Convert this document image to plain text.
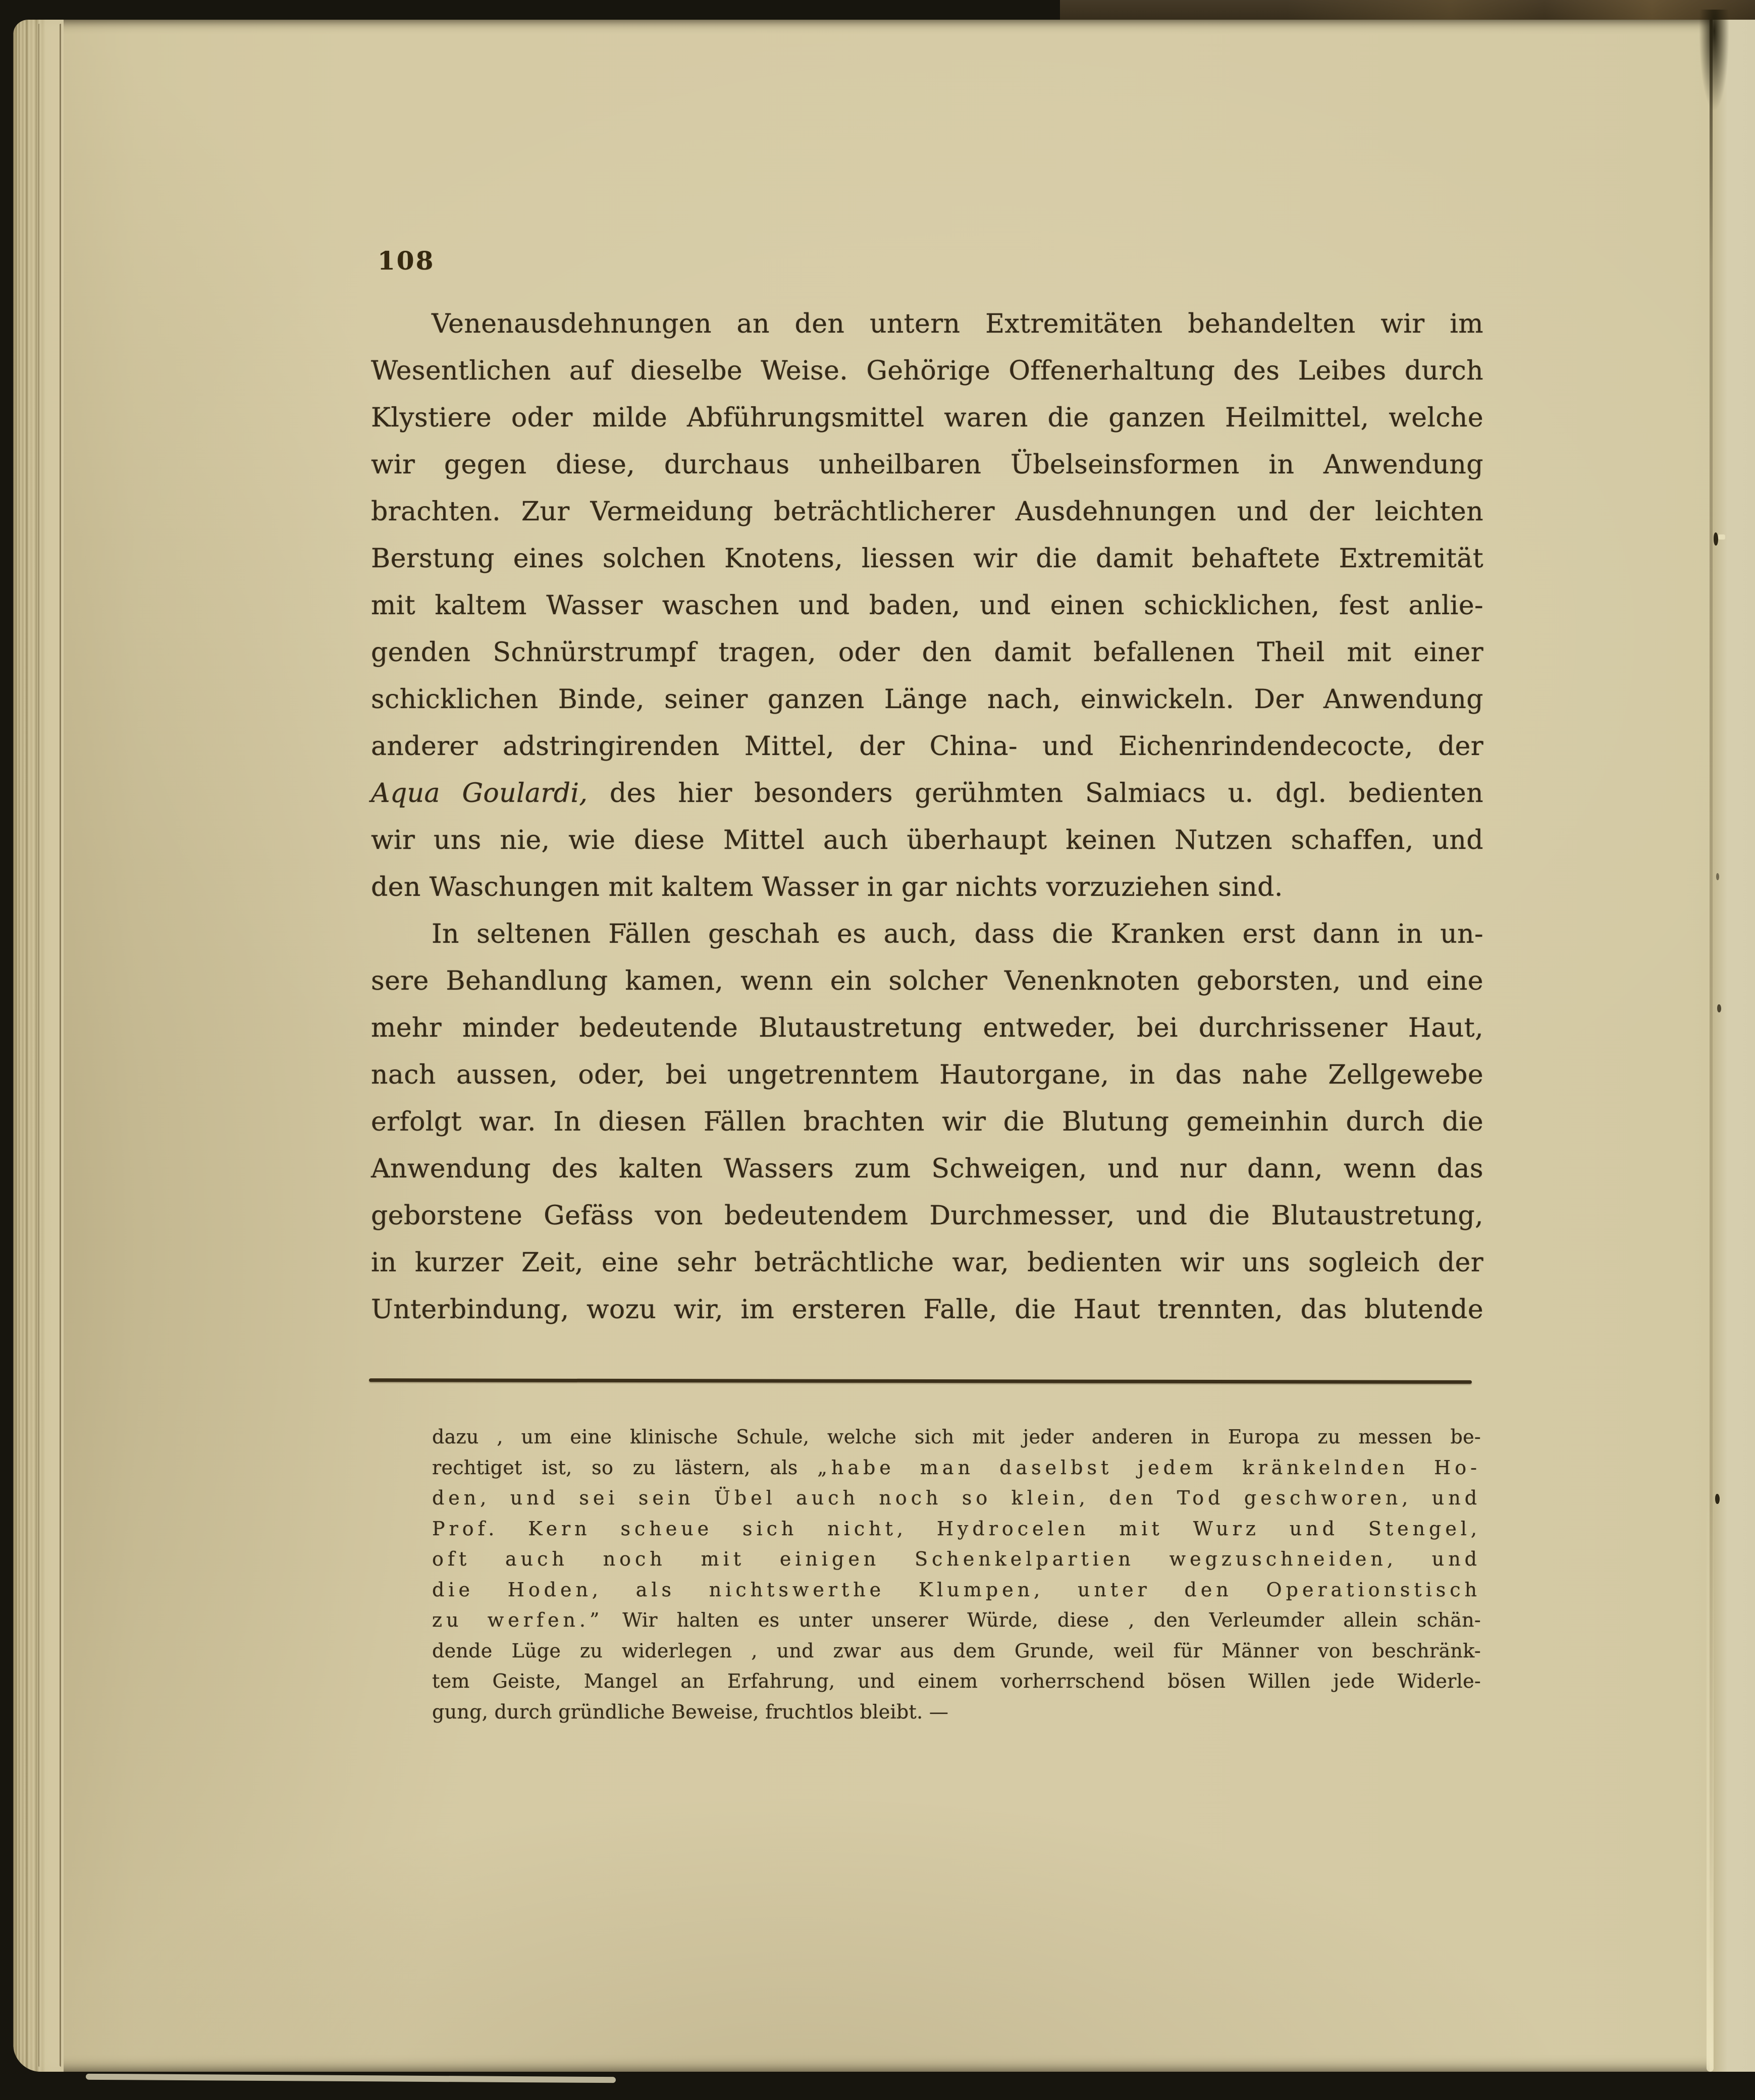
108
Venenausdehnungen an den untern Extremitäten behandelten wir im
Wesentlichen auf dieselbe Weise. Gehörige Offenerhaltung des Leibes durch
Klystiere oder milde Abführungsmittel waren die ganzen Heilmittel, welche
wir gegen diese, durchaus unheilbaren Übelseinsformen in Anwendung
brachten. Zur Vermeidung beträchtlicherer Ausdehnungen und der leichten
Berstung eines solchen Knotens, liessen wir die damit behaftete Extremität
mit kaltem Wasser waschen und baden, und einen schicklichen, fest anlie-
genden Schnürstrumpf tragen, oder den damit befallenen Theil mit einer
schicklichen Binde, seiner ganzen Länge nach, einwickeln. Der Anwendung
anderer adstringirenden Mittel, der China- und Eichenrindendecocte, der
Aqua Goulardi, des hier besonders gerühmten Salmiacs u. dgl. bedienten
wir uns nie, wie diese Mittel auch überhaupt keinen Nutzen schaffen, und
den Waschungen mit kaltem Wasser in gar nichts vorzuziehen sind.
In seltenen Fällen geschah es auch, dass die Kranken erst dann in un-
sere Behandlung kamen, wenn ein solcher Venenknoten geborsten, und eine
mehr minder bedeutende Blutaustretung entweder, bei durchrissener Haut,
nach aussen, oder, bei ungetrenntem Hautorgane, in das nahe Zellgewebe
erfolgt war. In diesen Fällen brachten wir die Blutung gemeinhin durch die
Anwendung des kalten Wassers zum Schweigen, und nur dann, wenn das
geborstene Gefäss von bedeutendem Durchmesser, und die Blutaustretung,
in kurzer Zeit, eine sehr beträchtliche war, bedienten wir uns sogleich der
Unterbindung, wozu wir, im ersteren Falle, die Haut trennten, das blutende
dazu , um eine klinische Schule, welche sich mit jeder anderen in Europa zu messen be-
rechtiget ist, so zu lästern, als „habe man daselbst jedem kränkelnden Ho-
den, und sei sein Übel auch noch so klein, den Tod geschworen, und
Prof. Kern scheue sich nicht, Hydrocelen mit Wurz und Stengel,
oft auch noch mit einigen Schenkelpartien wegzuschneiden, und
die Hoden, als nichtswerthe Klumpen, unter den Operationstisch
zu werfen.” Wir halten es unter unserer Würde, diese , den Verleumder allein schän-
dende Lüge zu widerlegen , und zwar aus dem Grunde, weil für Männer von beschränk-
tem Geiste, Mangel an Erfahrung, und einem vorherrschend bösen Willen jede Widerle-
gung, durch gründliche Beweise, fruchtlos bleibt. —
